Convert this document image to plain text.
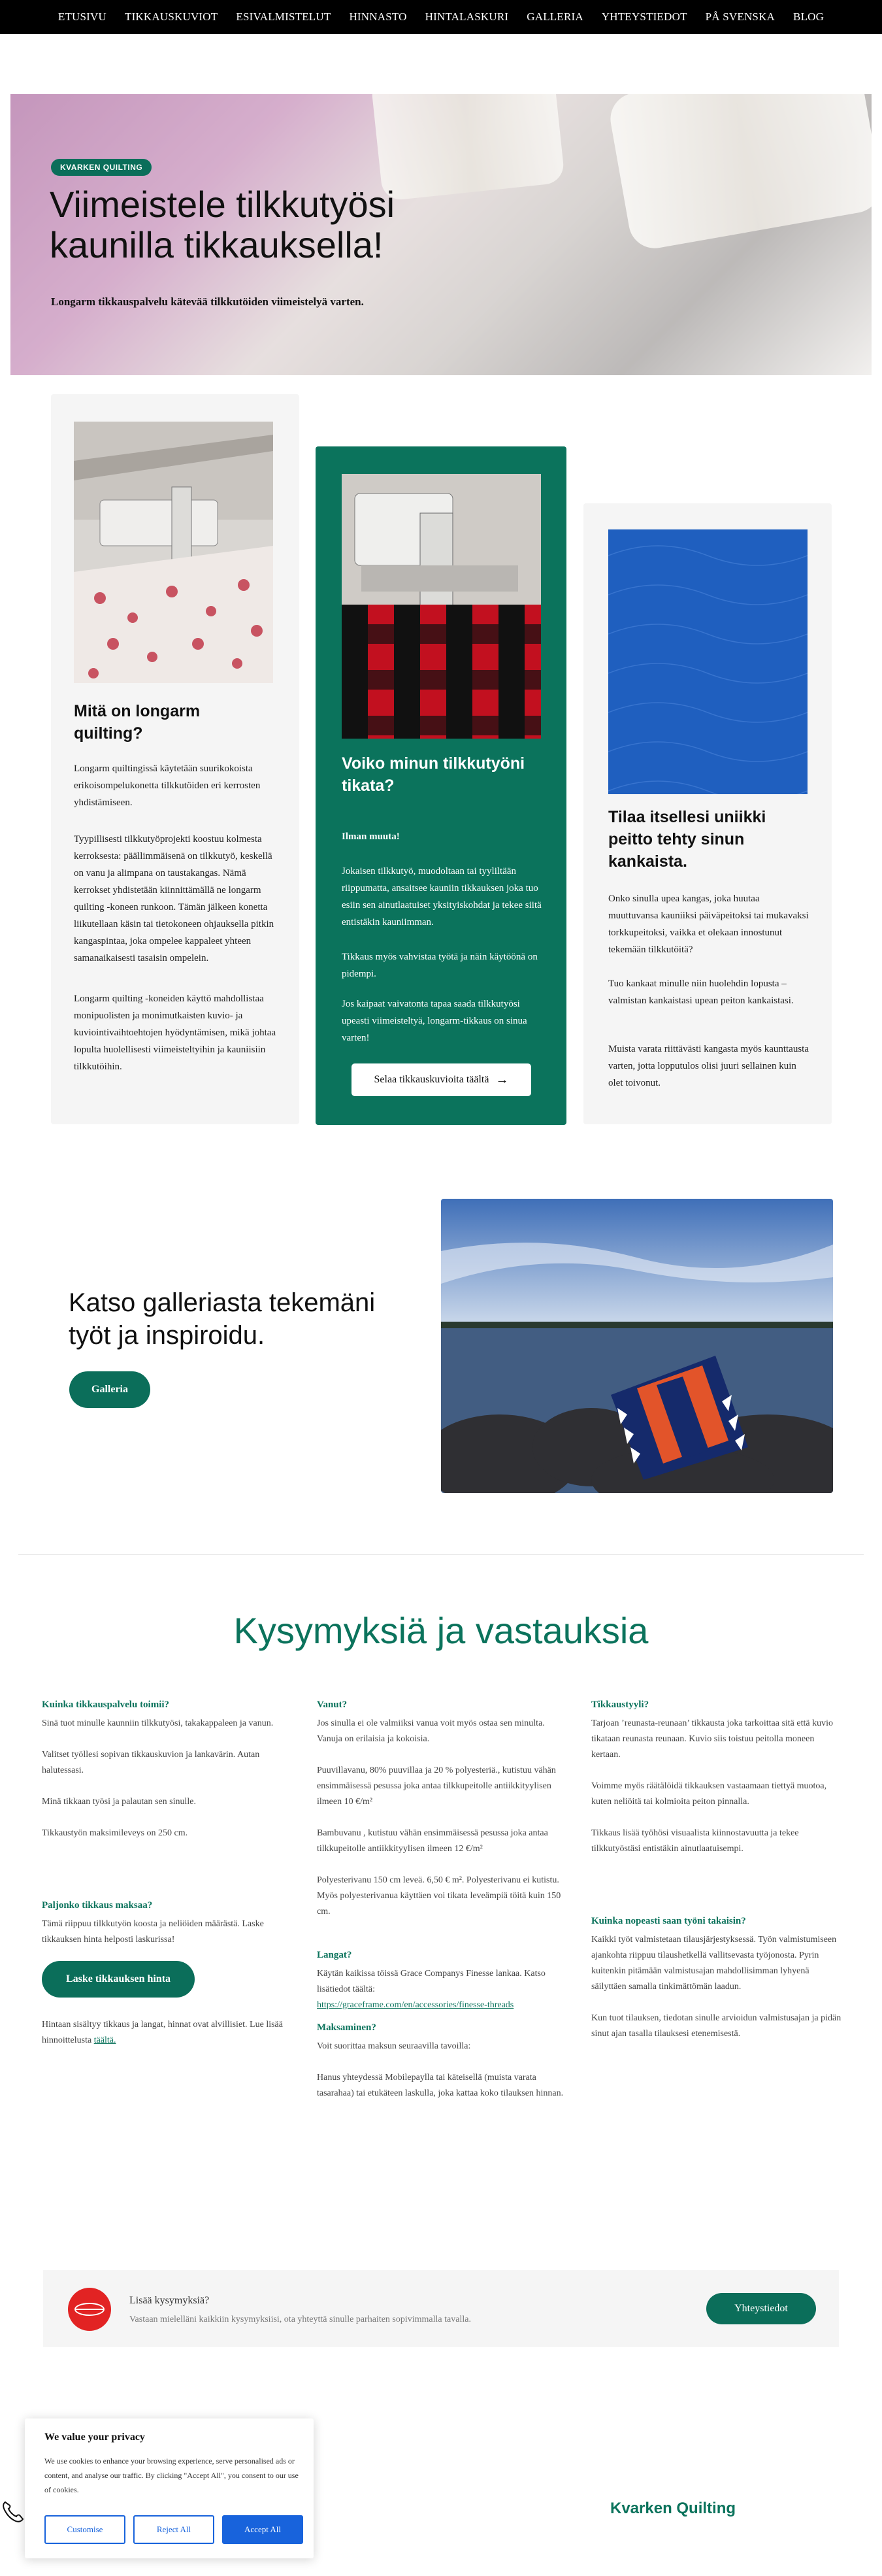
ETUSIVU TIKKAUSKUVIOT ESIVALMISTELUT HINNASTO HINTALASKURI GALLERIA YHTEYSTIEDOT PÅ SVENSKA BLOG
KVARKEN QUILTING
Viimeistele tilkkutyösi kaunilla tikkauksella!
Longarm tikkauspalvelu kätevää tilkkutöiden viimeistelyä varten.
Mitä on longarm quilting?

Longarm quiltingissä käytetään suurikokoista erikoisompelukonetta tilkkutöiden eri kerrosten yhdistämiseen.

Tyypillisesti tilkkutyöprojekti koostuu kolmesta kerroksesta: päällimmäisenä on tilkkutyö, keskellä on vanu ja alimpana on taustakangas. Nämä kerrokset yhdistetään kiinnittämällä ne longarm quilting -koneen runkoon. Tämän jälkeen konetta liikutellaan käsin tai tietokoneen ohjauksella pitkin kangaspintaa, joka ompelee kappaleet yhteen samanaikaisesti tasaisin ompelein.

Longarm quilting -koneiden käyttö mahdollistaa monipuolisten ja monimutkaisten kuvio- ja kuviointivaihtoehtojen hyödyntämisen, mikä johtaa lopulta huolellisesti viimeisteltyihin ja kauniisiin tilkkutöihin.

Voiko minun tilkkutyöni tikata?

Ilman muuta!

Jokaisen tilkkutyö, muodoltaan tai tyyliltään riippumatta, ansaitsee kauniin tikkauksen joka tuo esiin sen ainutlaatuiset yksityiskohdat ja tekee siitä entistäkin kauniimman.

Tikkaus myös vahvistaa työtä ja näin käytöönä on pidempi.

Jos kaipaat vaivatonta tapaa saada tilkkutyösi upeasti viimeisteltyä, longarm-tikkaus on sinua varten!

Selaa tikkauskuvioita täältä →
Tilaa itsellesi uniikki peitto tehty sinun kankaista.

Onko sinulla upea kangas, joka huutaa muuttuvansa kauniiksi päiväpeitoksi tai mukavaksi torkkupeitoksi, vaikka et olekaan innostunut tekemään tilkkutöitä?

Tuo kankaat minulle niin huolehdin lopusta – valmistan kankaistasi upean peiton kankaistasi.

Muista varata riittävästi kangasta myös kaunttausta varten, jotta lopputulos olisi juuri sellainen kuin olet toivonut.

Katso galleriasta tekemäni työt ja inspiroidu.
Galleria
Kysymyksiä ja vastauksia
Kuinka tikkauspalvelu toimii?

Sinä tuot minulle kaunniin tilkkutyösi, takakappaleen ja vanun.

Valitset työllesi sopivan tikkauskuvion ja lankavärin. Autan halutessasi.

Minä tikkaan työsi ja palautan sen sinulle.

Tikkaustyön maksimileveys on 250 cm.

Paljonko tikkaus maksaa?

Tämä riippuu tilkkutyön koosta ja neliöiden määrästä. Laske tikkauksen hinta helposti laskurissa!

Laske tikkauksen hinta

Hintaan sisältyy tikkaus ja langat, hinnat ovat alvillisiet. Lue lisää hinnoittelusta täältä.

Vanut?

Jos sinulla ei ole valmiiksi vanua voit myös ostaa sen minulta. Vanuja on erilaisia ja kokoisia.

Puuvillavanu, 80% puuvillaa ja 20 % polyesteriä., kutistuu vähän ensimmäisessä pesussa joka antaa tilkkupeitolle antiikkityylisen ilmeen 10 €/m²

Bambuvanu , kutistuu vähän ensimmäisessä pesussa joka antaa tilkkupeitolle antiikkityylisen ilmeen 12 €/m²

Polyesterivanu 150 cm leveä. 6,50 € m². Polyesterivanu ei kutistu. Myös polyesterivanua käyttäen voi tikata leveämpiä töitä kuin 150 cm.

Langat?

Käytän kaikissa töissä Grace Companys Finesse lankaa. Katso lisätiedot täältä:
https://graceframe.com/en/accessories/finesse-threads

Maksaminen?

Voit suorittaa maksun seuraavilla tavoilla:

Hanus yhteydessä Mobilepaylla tai käteisellä (muista varata tasarahaa) tai etukäteen laskulla, joka kattaa koko tilauksen hinnan.

Tikkaustyyli?

Tarjoan ’reunasta-reunaan’ tikkausta joka tarkoittaa sitä että kuvio tikataan reunasta reunaan. Kuvio siis toistuu peitolla moneen kertaan.

Voimme myös räätälöidä tikkauksen vastaamaan tiettyä muotoa, kuten neliöitä tai kolmioita peiton pinnalla.

Tikkaus lisää työhösi visuaalista kiinnostavuutta ja tekee tilkkutyöstäsi entistäkin ainutlaatuisempi.

Kuinka nopeasti saan työni takaisin?

Kaikki työt valmistetaan tilausjärjestyksessä. Työn valmistumiseen ajankohta riippuu tilaushetkellä vallitsevasta työjonosta. Pyrin kuitenkin pitämään valmistusajan mahdollisimman lyhyenä säilyttäen samalla tinkimättömän laadun.

Kun tuot tilauksen, tiedotan sinulle arvioidun valmistusajan ja pidän sinut ajan tasalla tilauksesi etenemisestä.

Lisää kysymyksiä?
Vastaan mielelläni kaikkiin kysymyksiisi, ota yhteyttä sinulle parhaiten sopivimmalla tavalla.
Yhteystiedot
Kvarken Quilting
We value your privacy

We use cookies to enhance your browsing experience, serve personalised ads or content, and analyse our traffic. By clicking "Accept All", you consent to our use of cookies.

Customise	Reject All	Accept All
